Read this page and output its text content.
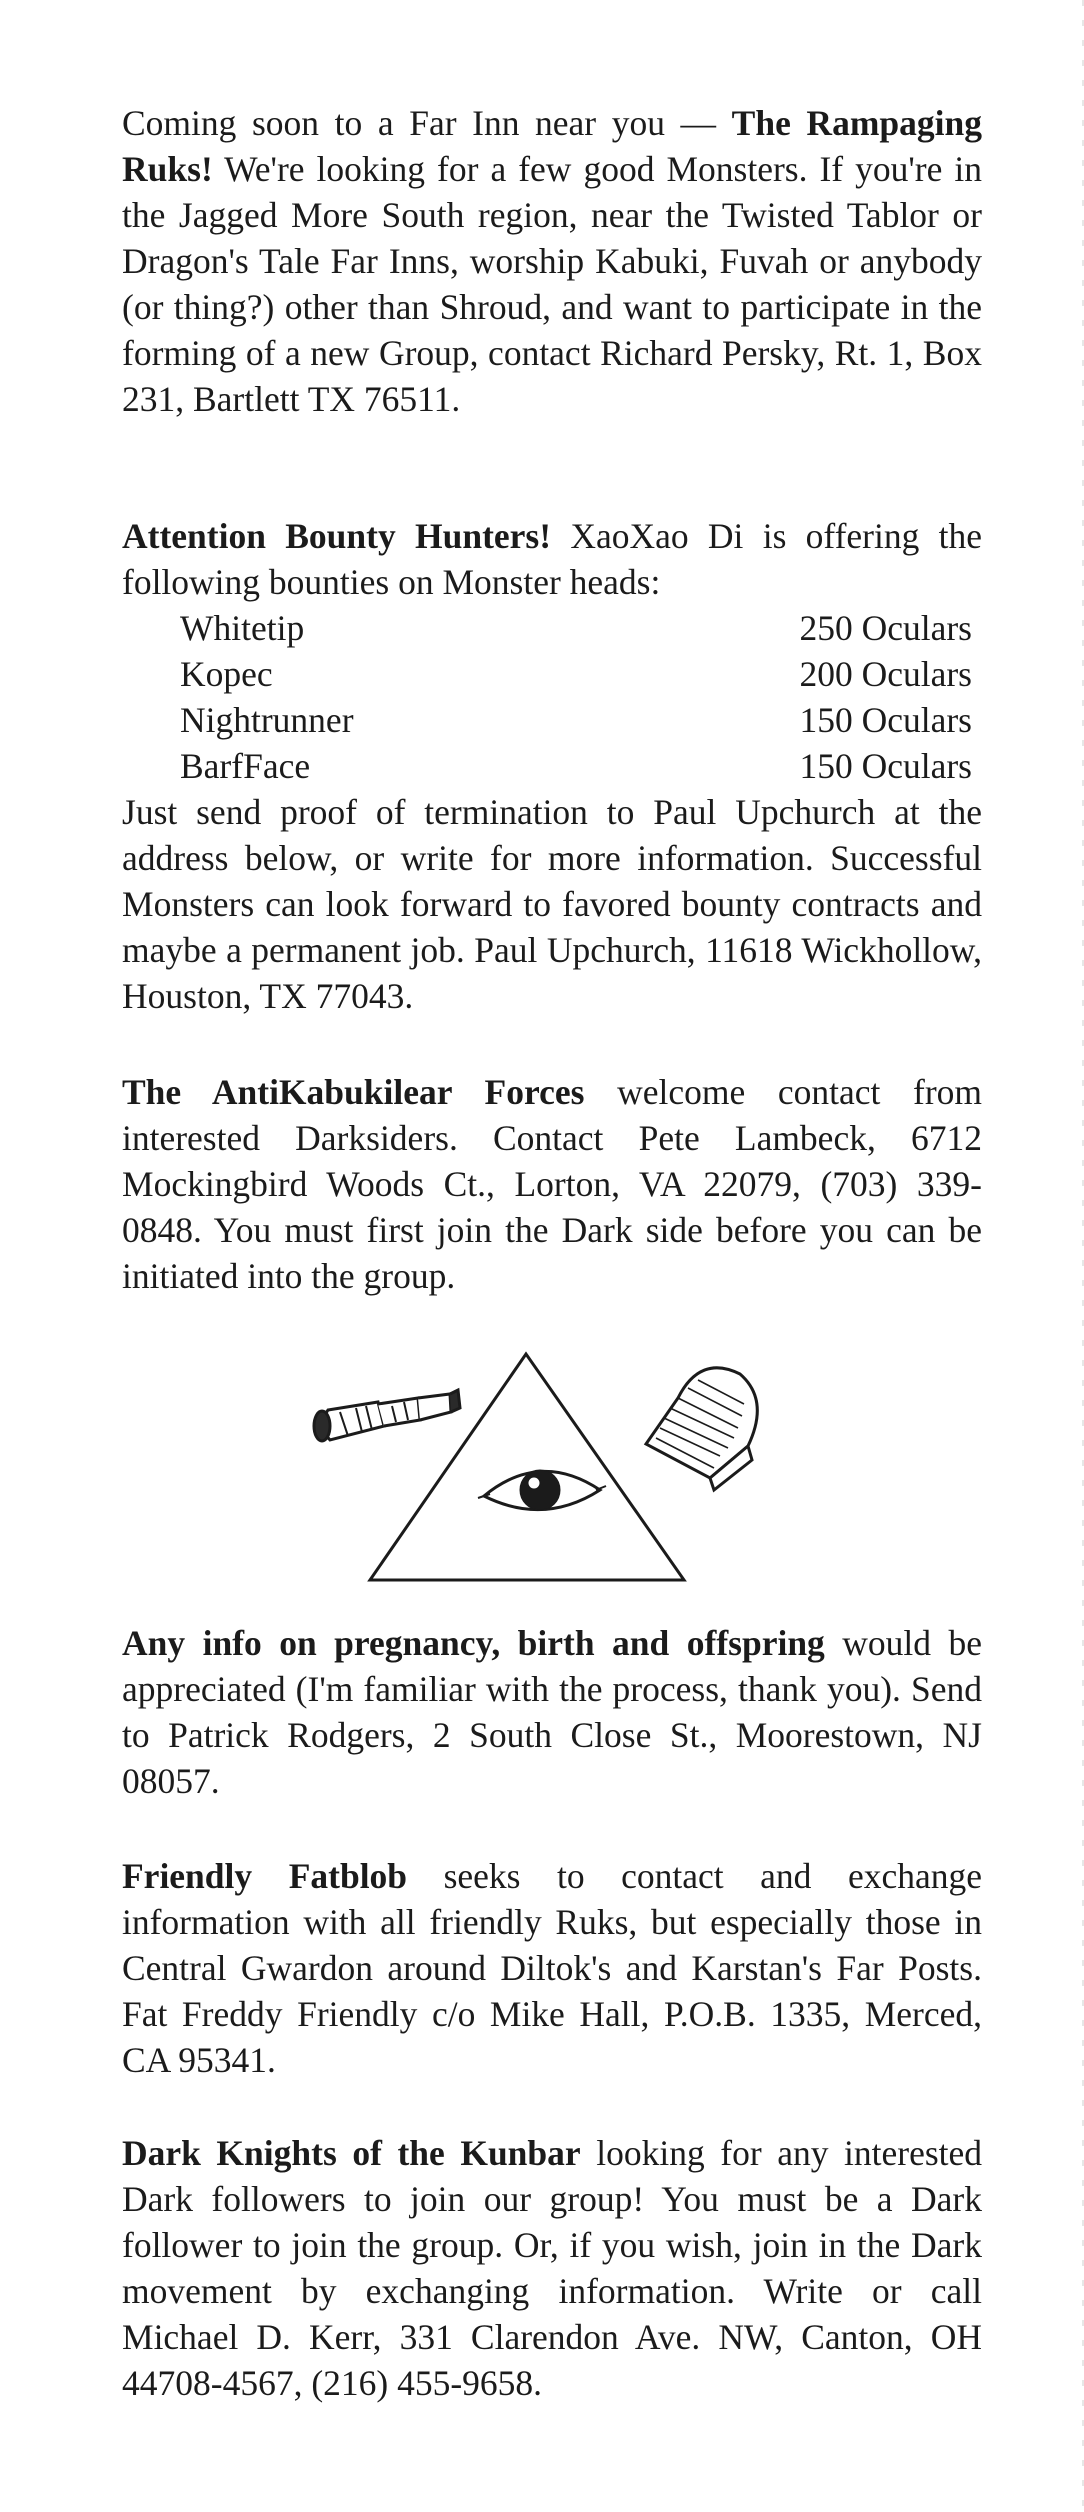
Coming soon to a Far Inn near you — The Rampaging Ruks! We're looking for a few good Monsters. If you're in the Jagged More South region, near the Twisted Tablor or Dragon's Tale Far Inns, worship Kabuki, Fuvah or anybody (or thing?) other than Shroud, and want to participate in the forming of a new Group, contact Richard Persky, Rt. 1, Box 231, Bartlett TX 76511.

Attention Bounty Hunters! XaoXao Di is offering the following bounties on Monster heads:

Whitetip	250 Oculars
Kopec	200 Oculars
Nightrunner	150 Oculars
BarfFace	150 Oculars

Just send proof of termination to Paul Upchurch at the address below, or write for more information. Successful Monsters can look forward to favored bounty contracts and maybe a permanent job. Paul Upchurch, 11618 Wickhollow, Houston, TX 77043.

The AntiKabukilear Forces welcome contact from interested Darksiders. Contact Pete Lambeck, 6712 Mockingbird Woods Ct., Lorton, VA 22079, (703) 339-0848. You must first join the Dark side before you can be initiated into the group.

Any info on pregnancy, birth and offspring would be appreciated (I'm familiar with the process, thank you). Send to Patrick Rodgers, 2 South Close St., Moorestown, NJ 08057.

Friendly Fatblob seeks to contact and exchange information with all friendly Ruks, but especially those in Central Gwardon around Diltok's and Karstan's Far Posts. Fat Freddy Friendly c/o Mike Hall, P.O.B. 1335, Merced, CA 95341.

Dark Knights of the Kunbar looking for any interested Dark followers to join our group! You must be a Dark follower to join the group. Or, if you wish, join in the Dark movement by exchanging information. Write or call Michael D. Kerr, 331 Clarendon Ave. NW, Canton, OH 44708-4567, (216) 455-9658.
